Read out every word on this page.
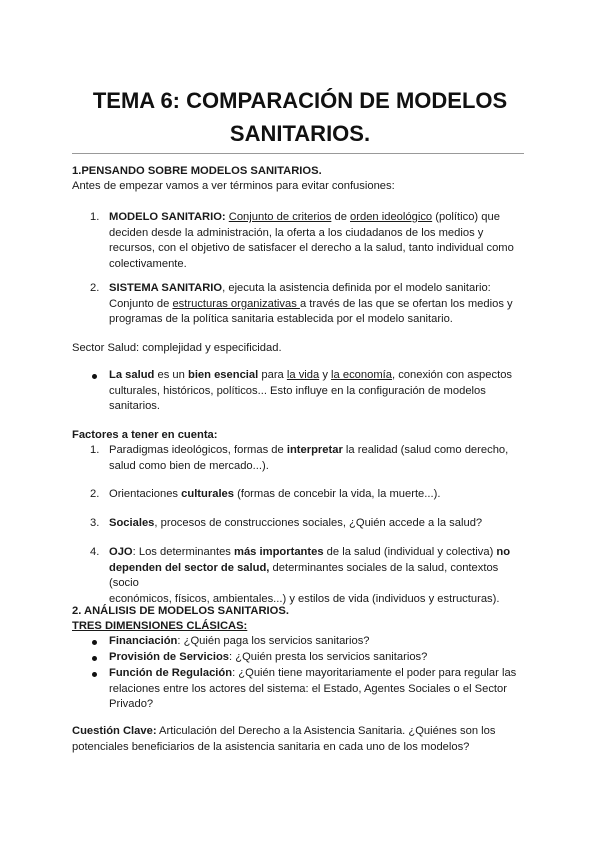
TEMA 6: COMPARACIÓN DE MODELOS
SANITARIOS.
1.PENSANDO SOBRE MODELOS SANITARIOS.
Antes de empezar vamos a ver términos para evitar confusiones:
1. MODELO SANITARIO: Conjunto de criterios de orden ideológico (político) que
deciden desde la administración, la oferta a los ciudadanos de los medios y
recursos, con el objetivo de satisfacer el derecho a la salud, tanto individual como
colectivamente.
2. SISTEMA SANITARIO, ejecuta la asistencia definida por el modelo sanitario:
Conjunto de estructuras organizativas a través de las que se ofertan los medios y
programas de la política sanitaria establecida por el modelo sanitario.
Sector Salud: complejidad y especificidad.
La salud es un bien esencial para la vida y la economía, conexión con aspectos
culturales, históricos, políticos... Esto influye en la configuración de modelos
sanitarios.
Factores a tener en cuenta:
1. Paradigmas ideológicos, formas de interpretar la realidad (salud como derecho,
salud como bien de mercado...).
2. Orientaciones culturales (formas de concebir la vida, la muerte...).
3. Sociales, procesos de construcciones sociales, ¿Quién accede a la salud?
4. OJO: Los determinantes más importantes de la salud (individual y colectiva) no
dependen del sector de salud, determinantes sociales de la salud, contextos (socio
económicos, físicos, ambientales...) y estilos de vida (individuos y estructuras).
2. ANÁLISIS DE MODELOS SANITARIOS.
TRES DIMENSIONES CLÁSICAS:
Financiación: ¿Quién paga los servicios sanitarios?
Provisión de Servicios: ¿Quién presta los servicios sanitarios?
Función de Regulación: ¿Quién tiene mayoritariamente el poder para regular las
relaciones entre los actores del sistema: el Estado, Agentes Sociales o el Sector
Privado?
Cuestión Clave: Articulación del Derecho a la Asistencia Sanitaria. ¿Quiénes son los
potenciales beneficiarios de la asistencia sanitaria en cada uno de los modelos?
